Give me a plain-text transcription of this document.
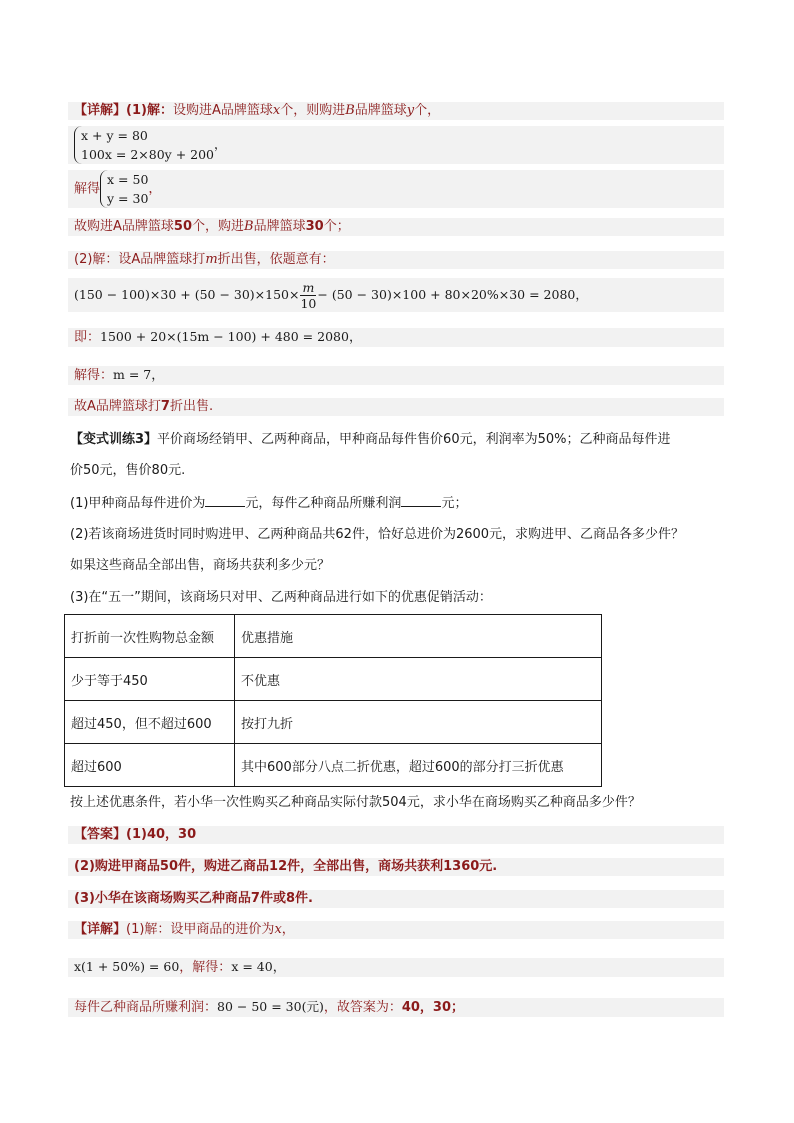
【详解】(1)解：设购进A品牌篮球x个，则购进B品牌篮球y个，
x + y = 80
100x = 2×80y + 200
，
解得
x = 50
y = 30
，
故购进A品牌篮球50个，购进B品牌篮球30个；
(2)解：设A品牌篮球打m折出售，依题意有：
$(150 - 100)\times 30 + (50 - 30)\times 150\times \frac{m}{10} - (50 - 30)\times 100 + 80\times 20\%\times 30 = 2080$，
即：1500 + 20×(15m − 100) + 480 = 2080，
解得：m = 7，
故A品牌篮球打7折出售.
【变式训练3】平价商场经销甲、乙两种商品，甲种商品每件售价60元，利润率为50%；乙种商品每件进
价50元，售价80元.
(1)甲种商品每件进价为	元，每件乙种商品所赚利润	元；
(2)若该商场进货时同时购进甲、乙两种商品共62件，恰好总进价为2600元，求购进甲、乙商品各多少件？
如果这些商品全部出售，商场共获利多少元？
(3)在“五一”期间，该商场只对甲、乙两种商品进行如下的优惠促销活动：
打折前一次性购物总金额	优惠措施
少于等于450	不优惠
超过450，但不超过600	按打九折
超过600	其中600部分八点二折优惠，超过600的部分打三折优惠
按上述优惠条件，若小华一次性购买乙种商品实际付款504元，求小华在商场购买乙种商品多少件？
【答案】(1)40，30
(2)购进甲商品50件，购进乙商品12件，全部出售，商场共获利1360元.
(3)小华在该商场购买乙种商品7件或8件.
【详解】(1)解：设甲商品的进价为x，
x(1 + 50%) = 60，解得：x = 40，
每件乙种商品所赚利润：80 − 50 = 30(元)，故答案为：40，30；
